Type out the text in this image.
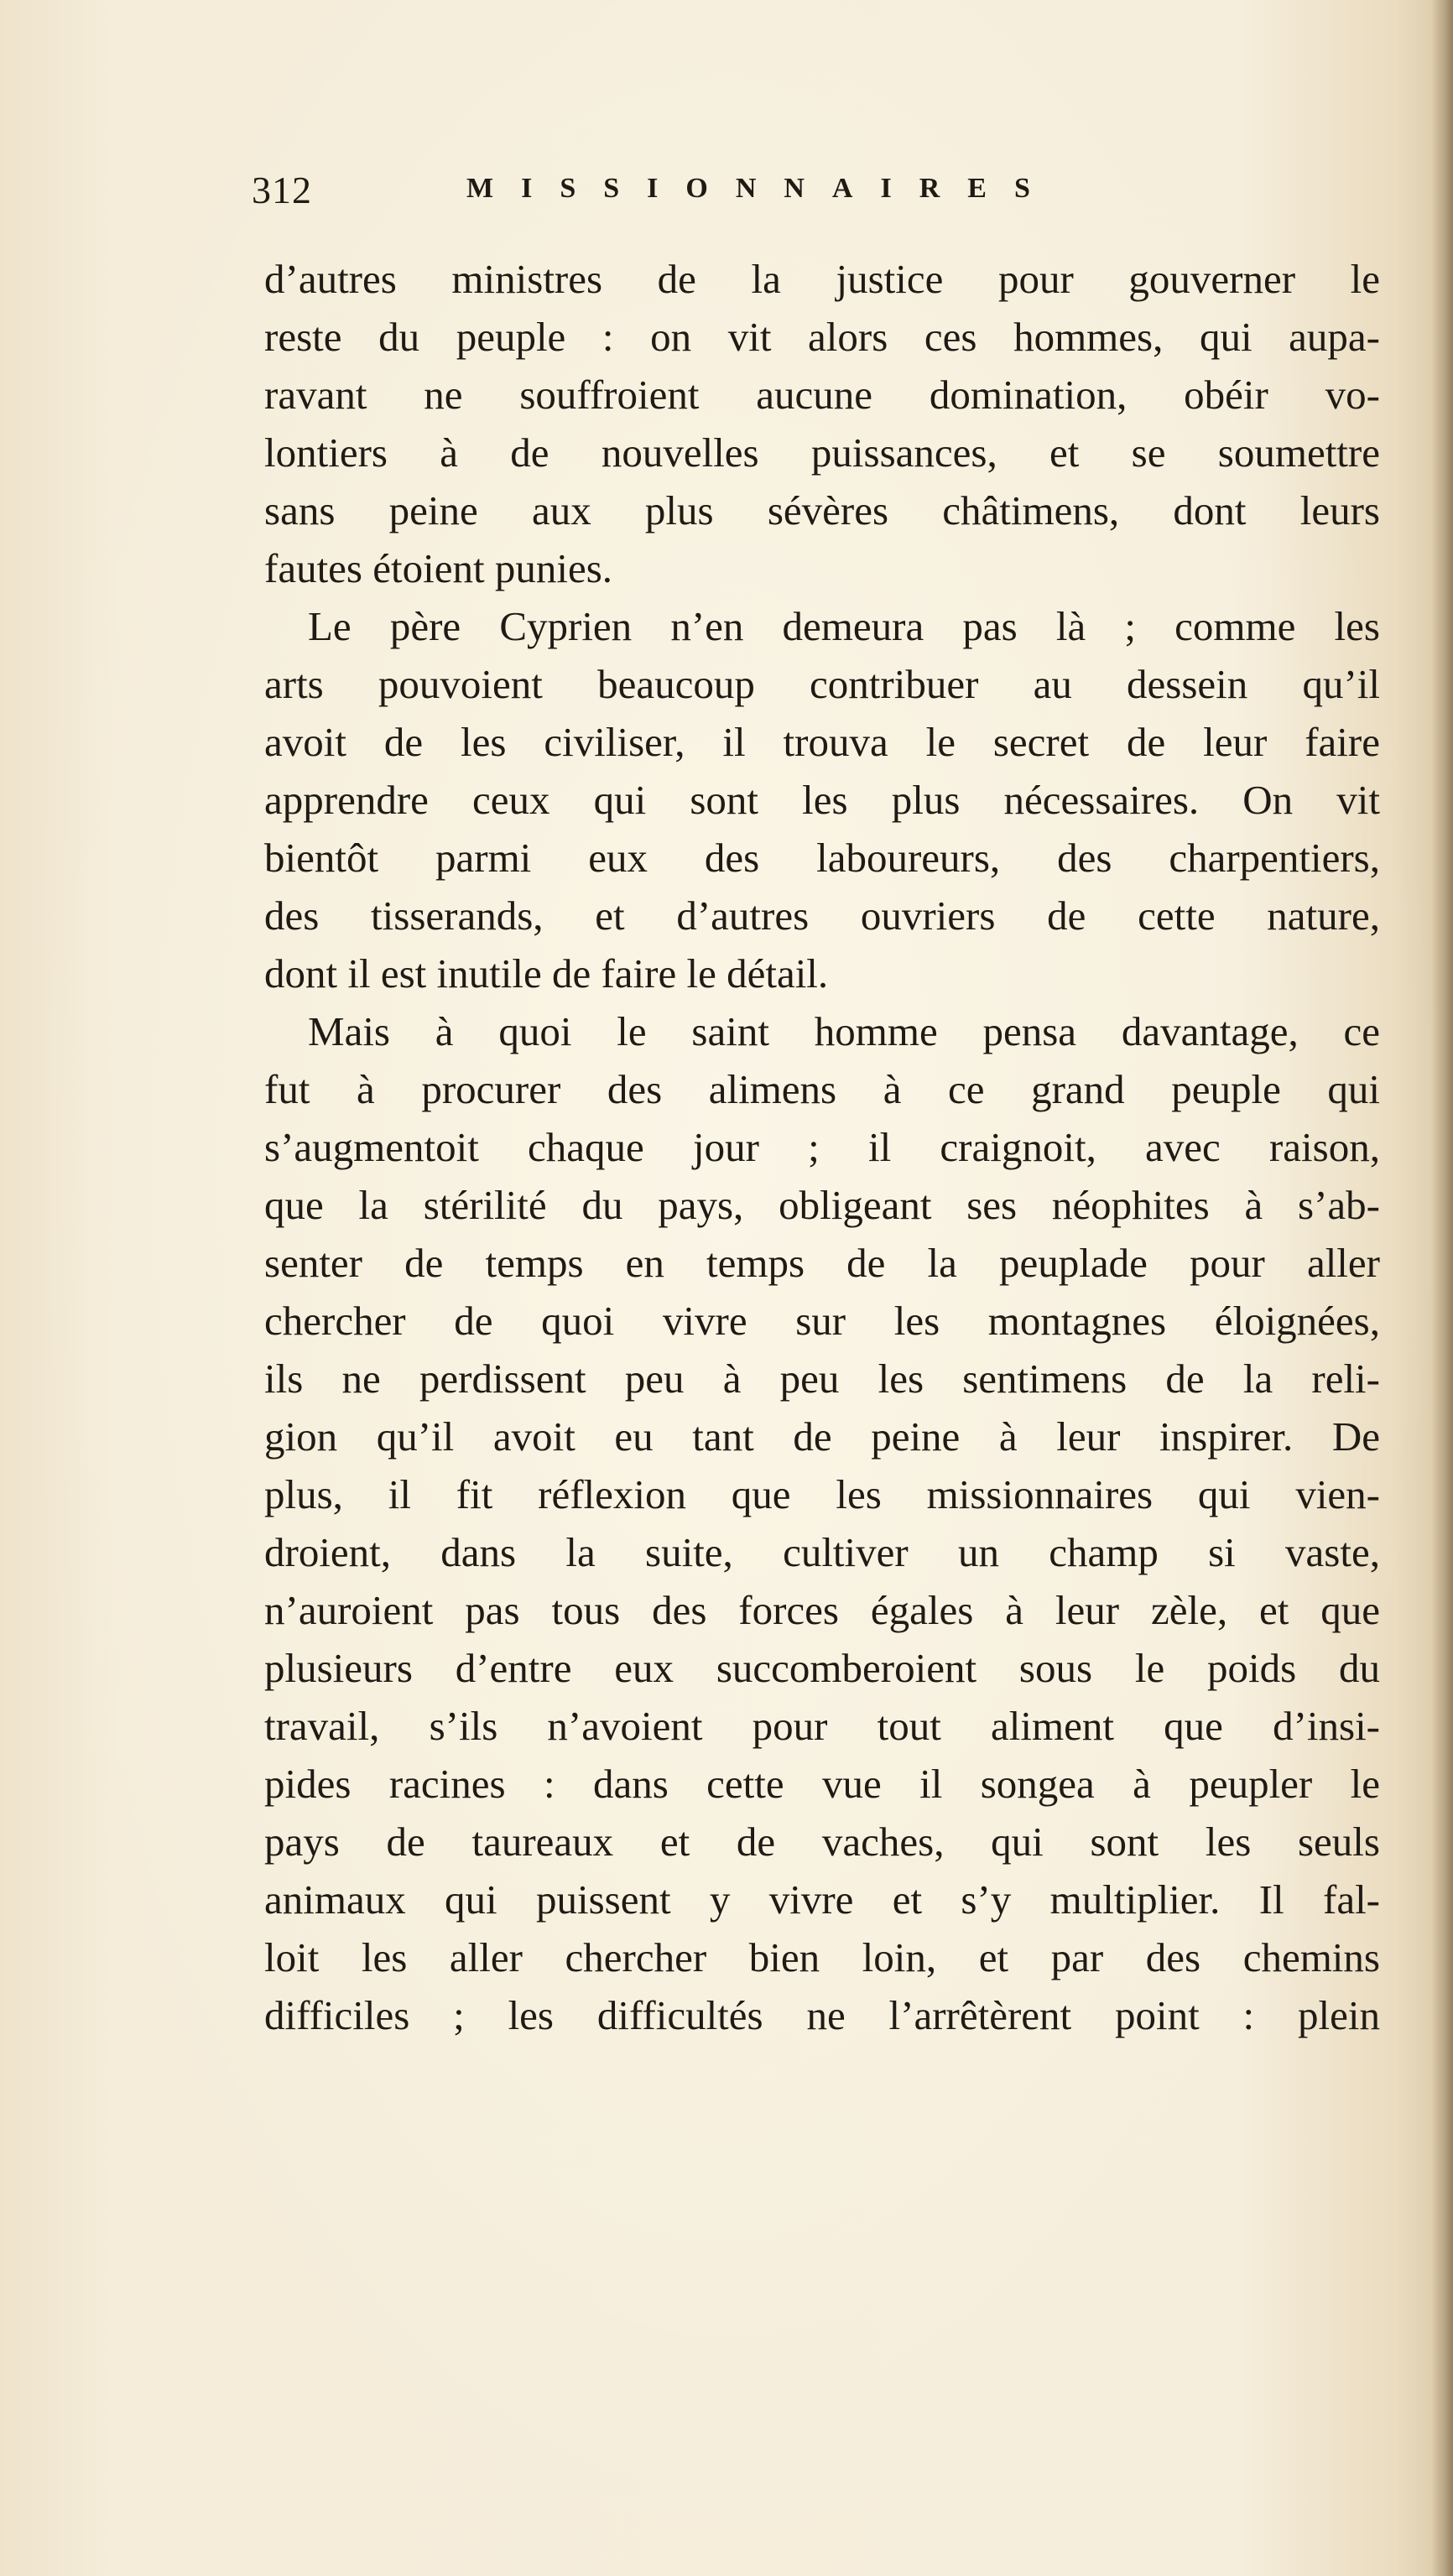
312	MISSIONNAIRES
d’autres ministres de la justice pour gouverner le
reste du peuple : on vit alors ces hommes, qui aupa-
ravant ne souffroient aucune domination, obéir vo-
lontiers à de nouvelles puissances, et se soumettre
sans peine aux plus sévères châtimens, dont leurs
fautes étoient punies.
Le père Cyprien n’en demeura pas là ; comme les
arts pouvoient beaucoup contribuer au dessein qu’il
avoit de les civiliser, il trouva le secret de leur faire
apprendre ceux qui sont les plus nécessaires. On vit
bientôt parmi eux des laboureurs, des charpentiers,
des tisserands, et d’autres ouvriers de cette nature,
dont il est inutile de faire le détail.
Mais à quoi le saint homme pensa davantage, ce
fut à procurer des alimens à ce grand peuple qui
s’augmentoit chaque jour ; il craignoit, avec raison,
que la stérilité du pays, obligeant ses néophites à s’ab-
senter de temps en temps de la peuplade pour aller
chercher de quoi vivre sur les montagnes éloignées,
ils ne perdissent peu à peu les sentimens de la reli-
gion qu’il avoit eu tant de peine à leur inspirer. De
plus, il fit réflexion que les missionnaires qui vien-
droient, dans la suite, cultiver un champ si vaste,
n’auroient pas tous des forces égales à leur zèle, et que
plusieurs d’entre eux succomberoient sous le poids du
travail, s’ils n’avoient pour tout aliment que d’insi-
pides racines : dans cette vue il songea à peupler le
pays de taureaux et de vaches, qui sont les seuls
animaux qui puissent y vivre et s’y multiplier. Il fal-
loit les aller chercher bien loin, et par des chemins
difficiles ; les difficultés ne l’arrêtèrent point : plein
